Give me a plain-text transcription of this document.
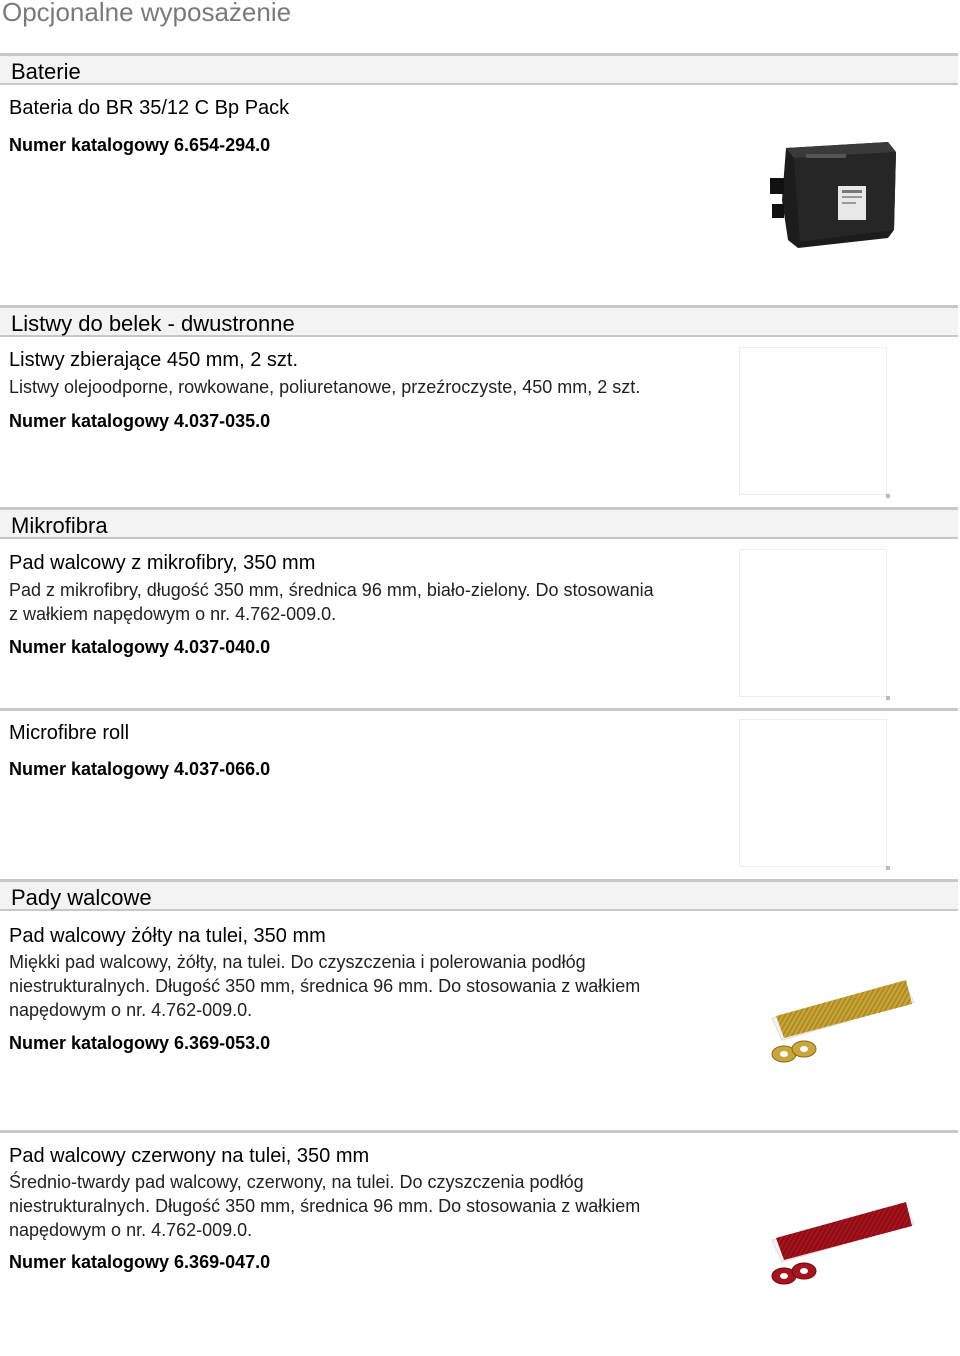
Opcjonalne wyposażenie
Baterie

Bateria do BR 35/12 C Bp Pack

Numer katalogowy 6.654-294.0

Listwy do belek - dwustronne

Listwy zbierające 450 mm, 2 szt.

Listwy olejoodporne, rowkowane, poliuretanowe, przeźroczyste, 450 mm, 2 szt.

Numer katalogowy 4.037-035.0

Mikrofibra

Pad walcowy z mikrofibry, 350 mm

Pad z mikrofibry, długość 350 mm, średnica 96 mm, biało-zielony. Do stosowania

z wałkiem napędowym o nr. 4.762-009.0.

Numer katalogowy 4.037-040.0

Microfibre roll

Numer katalogowy 4.037-066.0

Pady walcowe

Pad walcowy żółty na tulei, 350 mm

Miękki pad walcowy, żółty, na tulei. Do czyszczenia i polerowania podłóg

niestrukturalnych. Długość 350 mm, średnica 96 mm. Do stosowania z wałkiem

napędowym o nr. 4.762-009.0.

Numer katalogowy 6.369-053.0

Pad walcowy czerwony na tulei, 350 mm

Średnio-twardy pad walcowy, czerwony, na tulei. Do czyszczenia podłóg

niestrukturalnych. Długość 350 mm, średnica 96 mm. Do stosowania z wałkiem

napędowym o nr. 4.762-009.0.

Numer katalogowy 6.369-047.0
